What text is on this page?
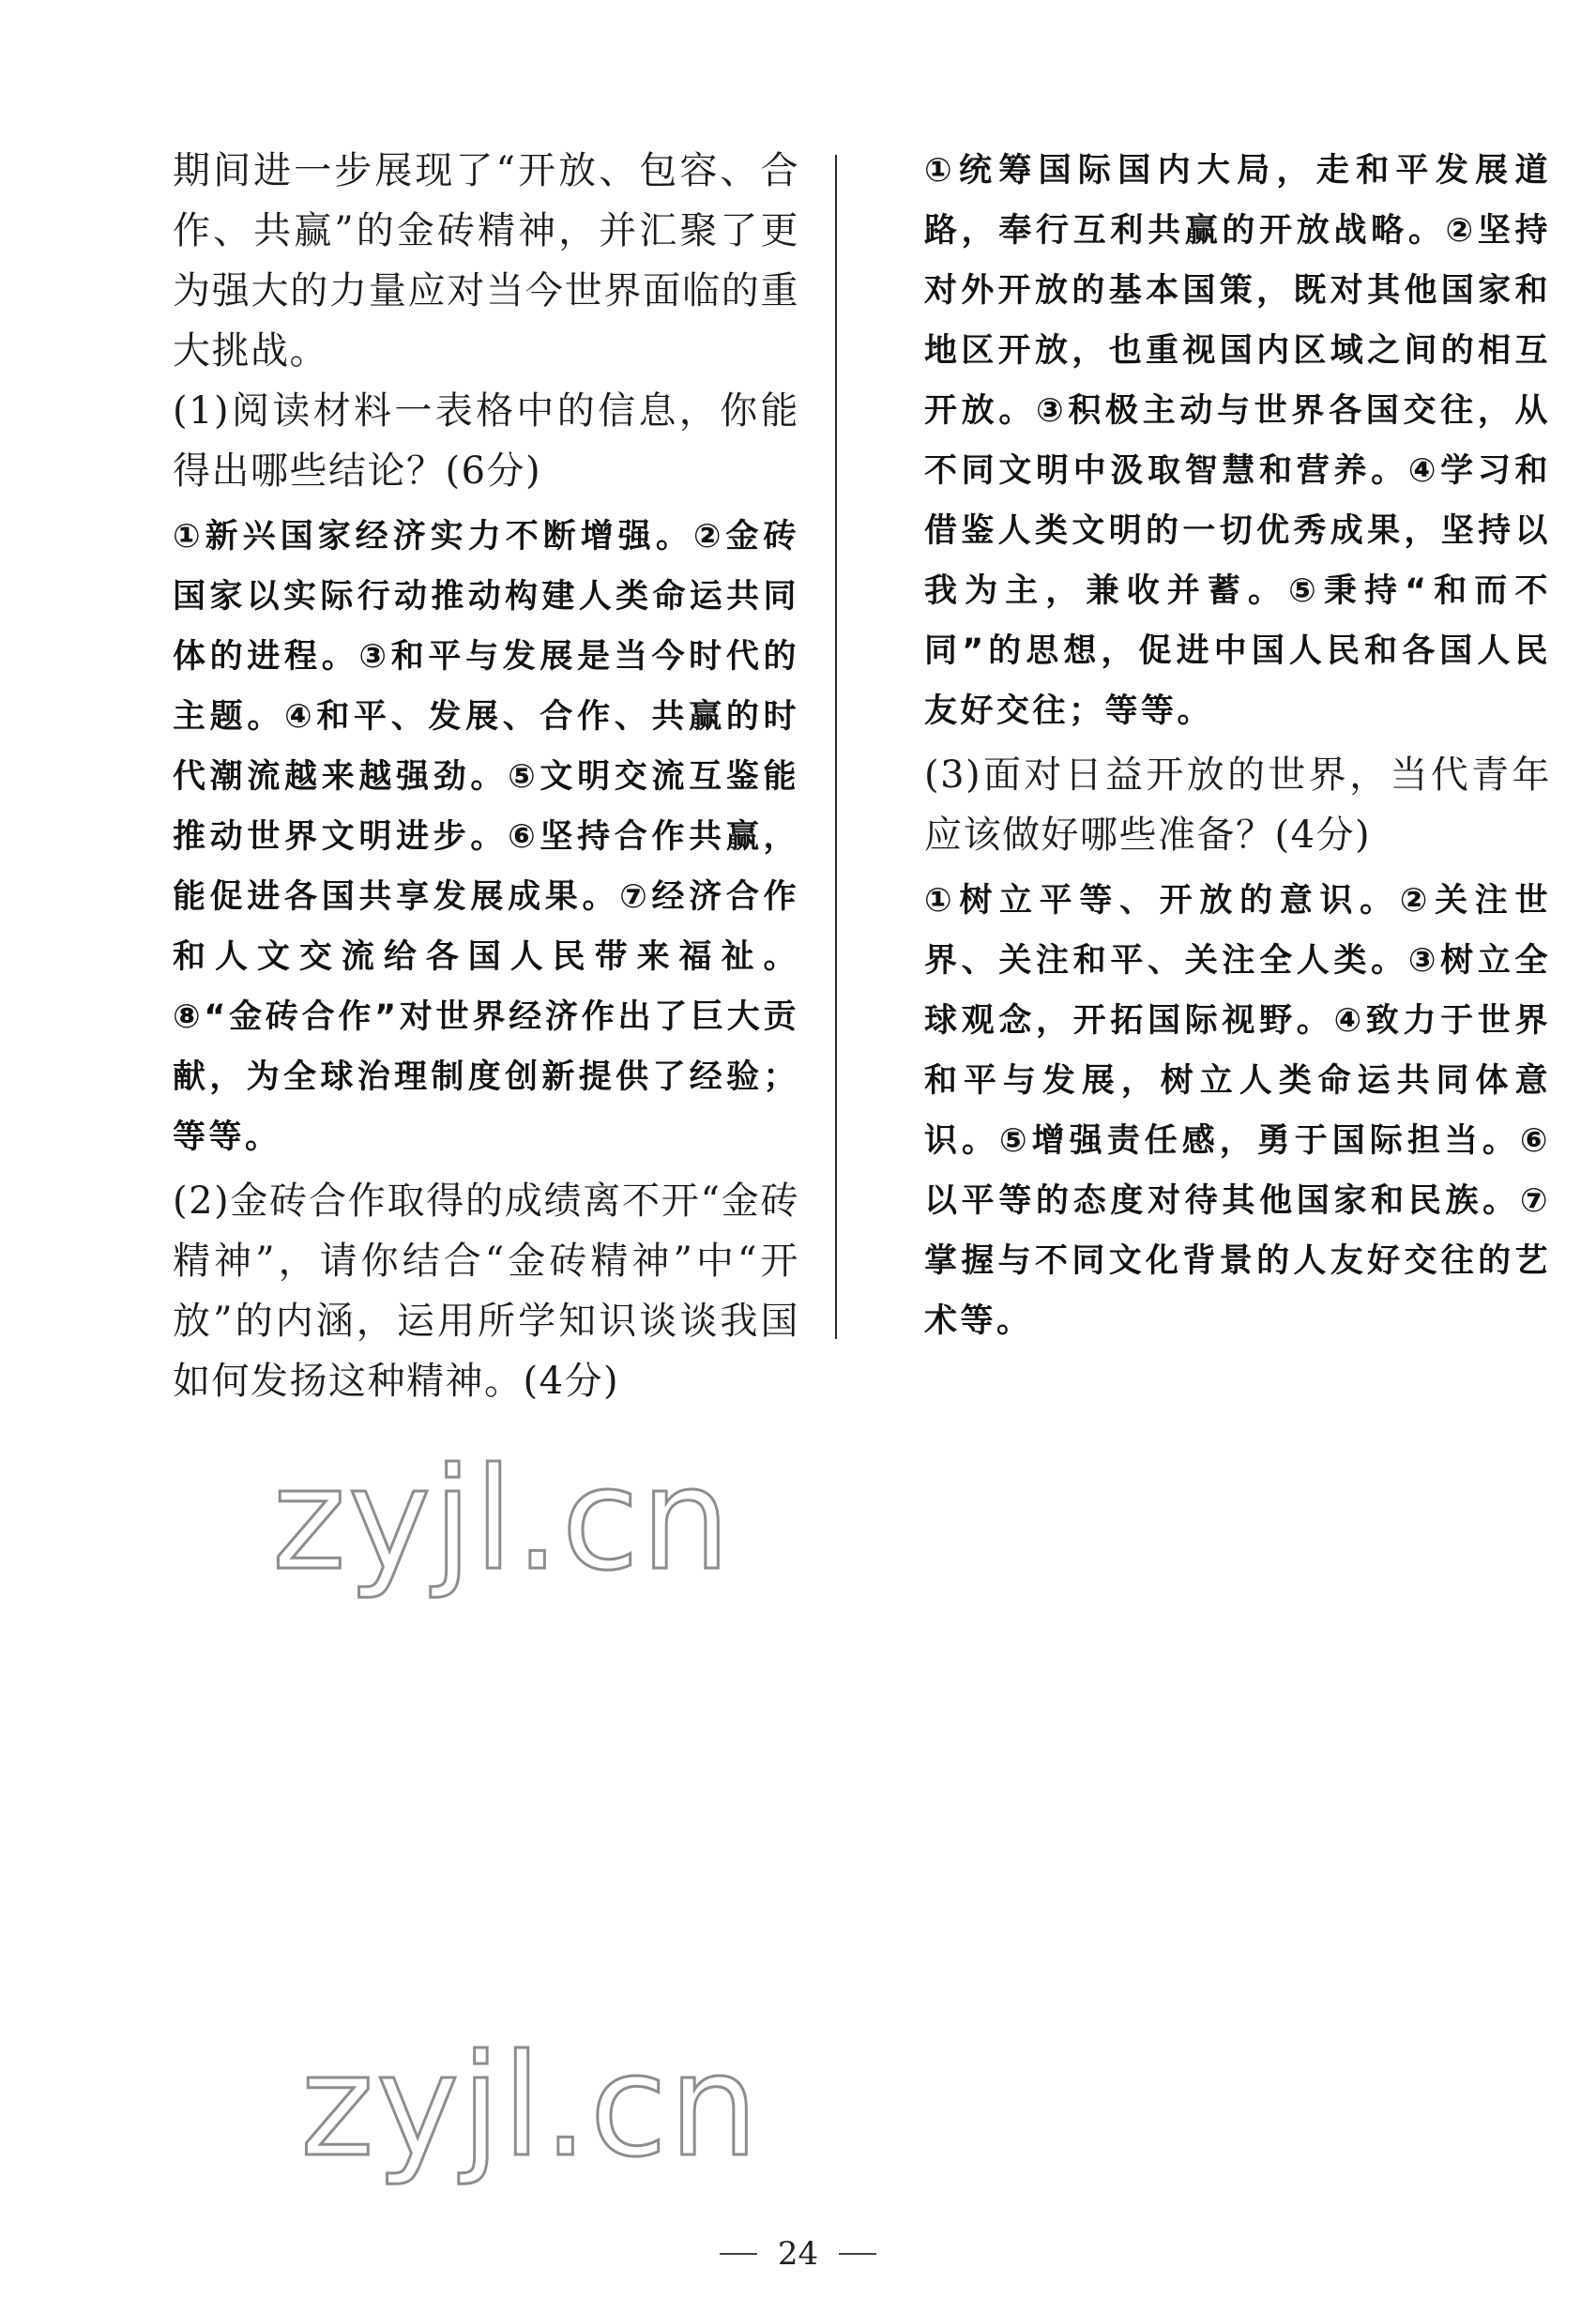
期间进一步展现了“开放、包容、合作、共赢”的金砖精神，并汇聚了更为强大的力量应对当今世界面临的重大挑战。

(1)阅读材料一表格中的信息，你能得出哪些结论？(6分)

①新兴国家经济实力不断增强。②金砖国家以实际行动推动构建人类命运共同体的进程。③和平与发展是当今时代的主题。④和平、发展、合作、共赢的时代潮流越来越强劲。⑤文明交流互鉴能推动世界文明进步。⑥坚持合作共赢，能促进各国共享发展成果。⑦经济合作和人文交流给各国人民带来福祉。⑧“金砖合作”对世界经济作出了巨大贡献，为全球治理制度创新提供了经验；等等。

(2)金砖合作取得的成绩离不开“金砖精神”，请你结合“金砖精神”中“开放”的内涵，运用所学知识谈谈我国如何发扬这种精神。(4分)

①统筹国际国内大局，走和平发展道路，奉行互利共赢的开放战略。②坚持对外开放的基本国策，既对其他国家和地区开放，也重视国内区域之间的相互开放。③积极主动与世界各国交往，从不同文明中汲取智慧和营养。④学习和借鉴人类文明的一切优秀成果，坚持以我为主，兼收并蓄。⑤秉持“和而不同”的思想，促进中国人民和各国人民友好交往；等等。

(3)面对日益开放的世界，当代青年应该做好哪些准备？(4分)

①树立平等、开放的意识。②关注世界、关注和平、关注全人类。③树立全球观念，开拓国际视野。④致力于世界和平与发展，树立人类命运共同体意识。⑤增强责任感，勇于国际担当。⑥以平等的态度对待其他国家和民族。⑦掌握与不同文化背景的人友好交往的艺术等。

zyjl.cn
zyjl.cn
24
